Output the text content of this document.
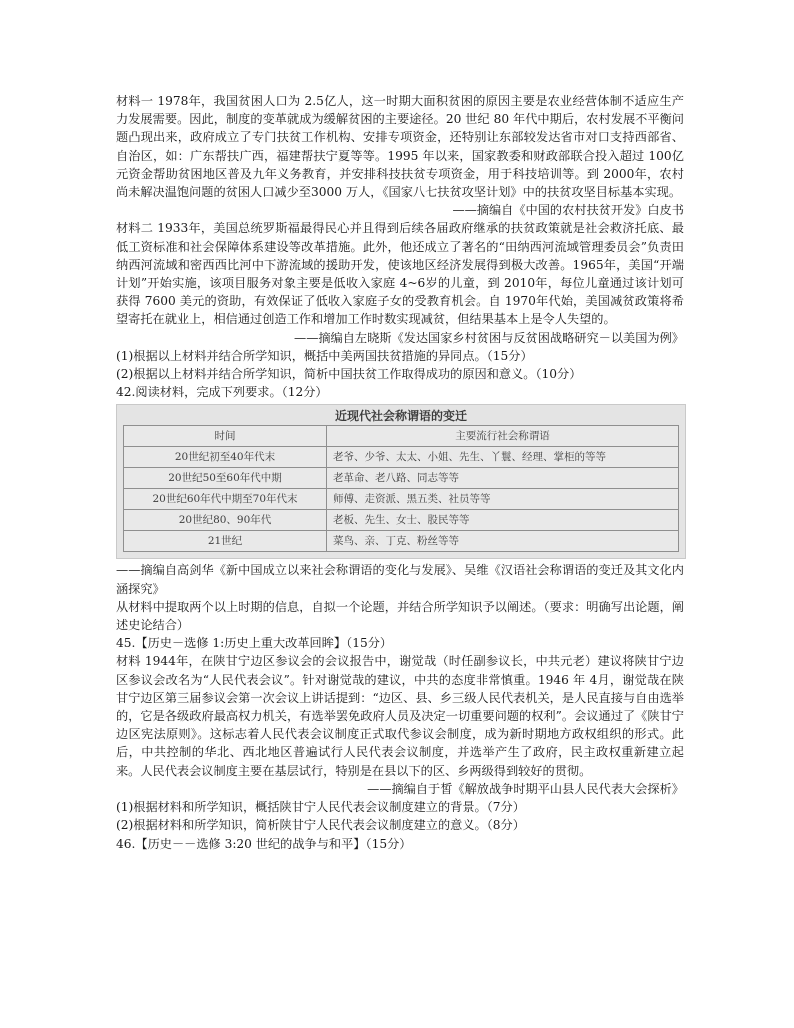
材料一 1978年，我国贫困人口为 2.5亿人，这一时期大面积贫困的原因主要是农业经营体制不适应生产力发展需要。因此，制度的变革就成为缓解贫困的主要途径。20 世纪 80 年代中期后，农村发展不平衡问题凸现出来，政府成立了专门扶贫工作机构、安排专项资金，还特别让东部较发达省市对口支持西部省、自治区，如：广东帮扶广西，福建帮扶宁夏等等。1995 年以来，国家教委和财政部联合投入超过 100亿元资金帮助贫困地区普及九年义务教育，并安排科技扶贫专项资金，用于科技培训等。到 2000年，农村尚未解决温饱问题的贫困人口减少至3000 万人，《国家八七扶贫攻坚计划》中的扶贫攻坚目标基本实现。

——摘编自《中国的农村扶贫开发》白皮书

材料二 1933年，美国总统罗斯福最得民心并且得到后续各届政府继承的扶贫政策就是社会救济托底、最低工资标准和社会保障体系建设等改革措施。此外，他还成立了著名的“田纳西河流域管理委员会”负责田纳西河流域和密西西比河中下游流域的援助开发，使该地区经济发展得到极大改善。1965年，美国“开端计划”开始实施，该项目服务对象主要是低收入家庭 4~6岁的儿童，到 2010年，每位儿童通过该计划可获得 7600 美元的资助，有效保证了低收入家庭子女的受教育机会。自 1970年代始，美国减贫政策将希望寄托在就业上，相信通过创造工作和增加工作时数实现减贫，但结果基本上是令人失望的。

——摘编自左晓斯《发达国家乡村贫困与反贫困战略研究－以美国为例》

(1)根据以上材料并结合所学知识，概括中美两国扶贫措施的异同点。（15分）

(2)根据以上材料并结合所学知识，简析中国扶贫工作取得成功的原因和意义。（10分）

42.阅读材料，完成下列要求。（12分）

近现代社会称谓语的变迁
时间	主要流行社会称谓语
20世纪初至40年代末	老爷、少爷、太太、小姐、先生、丫鬟、经理、掌柜的等等
20世纪50至60年代中期	老革命、老八路、同志等等
20世纪60年代中期至70年代末	师傅、走资派、黑五类、社员等等
20世纪80、90年代	老板、先生、女士、股民等等
21世纪	菜鸟、亲、丁克、粉丝等等

——摘编自高剑华《新中国成立以来社会称谓语的变化与发展》、吴维《汉语社会称谓语的变迁及其文化内涵探究》

从材料中提取两个以上时期的信息，自拟一个论题，并结合所学知识予以阐述。（要求：明确写出论题，阐述史论结合）

45.【历史－选修 1:历史上重大改革回眸】（15分）

材料 1944年，在陕甘宁边区参议会的会议报告中，谢觉哉（时任副参议长，中共元老）建议将陕甘宁边区参议会改名为“人民代表会议”。针对谢觉哉的建议，中共的态度非常慎重。1946 年 4月，谢觉哉在陕甘宁边区第三届参议会第一次会议上讲话提到：“边区、县、乡三级人民代表机关，是人民直接与自由选举的，它是各级政府最高权力机关，有选举罢免政府人员及决定一切重要问题的权利”。会议通过了《陕甘宁边区宪法原则》。这标志着人民代表会议制度正式取代参议会制度，成为新时期地方政权组织的形式。此后，中共控制的华北、西北地区普遍试行人民代表会议制度，并选举产生了政府，民主政权重新建立起来。人民代表会议制度主要在基层试行，特别是在县以下的区、乡两级得到较好的贯彻。

——摘编自于皙《解放战争时期平山县人民代表大会探析》

(1)根据材料和所学知识，概括陕甘宁人民代表会议制度建立的背景。（7分）

(2)根据材料和所学知识，简析陕甘宁人民代表会议制度建立的意义。（8分）

46.【历史－－选修 3:20 世纪的战争与和平】（15分）
